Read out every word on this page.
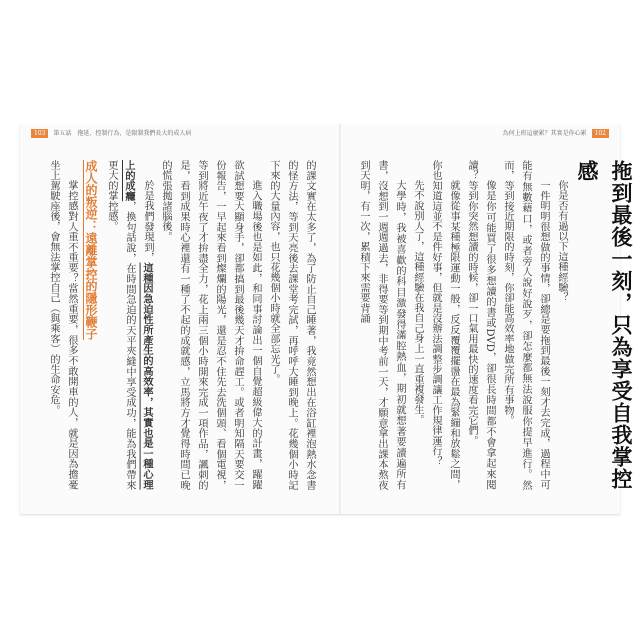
103 第五話　拖延、控制行為，是限制我們長大的成人病	為何上班這麼累？其實是你心累 102

拖到最後一刻，只為享受自我掌控感

你是否有過以下這種經驗？

一件明明很想做的事情，卻總是要拖到最後一刻才去完成，過程中可能有無數藉口，或者旁人說好說歹，卻怎麼都無法說服你提早進行。然而，等到接近期限的時刻，你卻能高效率地做完所有事物。

像是你可能買了很多想讀的書或DVD，卻很長時間都不會拿起來閱讀？等到你突然想讀的時候，卻一口氣用最快的速度看完它們。

就像從事某種極限運動一般，反反覆覆擺盪在最為緊繃和放鬆之間，你也知道這並不是件好事，但就是沒辦法調整步調讓工作規律運行？

先不說別人了，這種經驗在我自己身上一直重複發生。

大學時，我被喜歡的科目激發得滿腔熱血，期初就想著要讀遍所有書，沒想到一週週過去，非得要等到期中考前一天，才願意拿出課本熬夜到天明，有一次，累積下來需要背誦

的課文實在太多了，為了防止自己睡著，我竟然想出在浴缸裡泡熱水念書的怪方法，等到天亮後去課堂考完試，再呼呼大睡到晚上。花幾個小時記下來的大量內容，也只花幾個小時就全部忘光了。

進入職場後也是如此，和同事討論出一個自覺超級偉大的計畫，躍躍欲試想要大顯身手，卻都搞到最後幾天才拚命趕工。或者明知隔天要交一份報告，一早起來看到燦爛的陽光，還是忍不住先去洗個頭、看個電視，等到將近午夜了才拚盡全力，花上兩三個小時開來完成一項作品，諷刺的是，看到成果時心裡還有一種了不起的成就感，立馬將方才覺得時間已晚的慌張拋諸腦後。

於是我們發現到，這種因急迫性所產生的高效率，其實也是一種心理上的成癮，換句話說，在時間急迫的天平夾縫中享受成功，能為我們帶來更大的掌控感。

成人的叛逆：遠離掌控的隱形鞭子

掌控感對人重不重要？當然重要，很多不敢開車的人，就是因為擔憂坐上駕駛座後，會無法掌控自己（與乘客）的生命安危。
